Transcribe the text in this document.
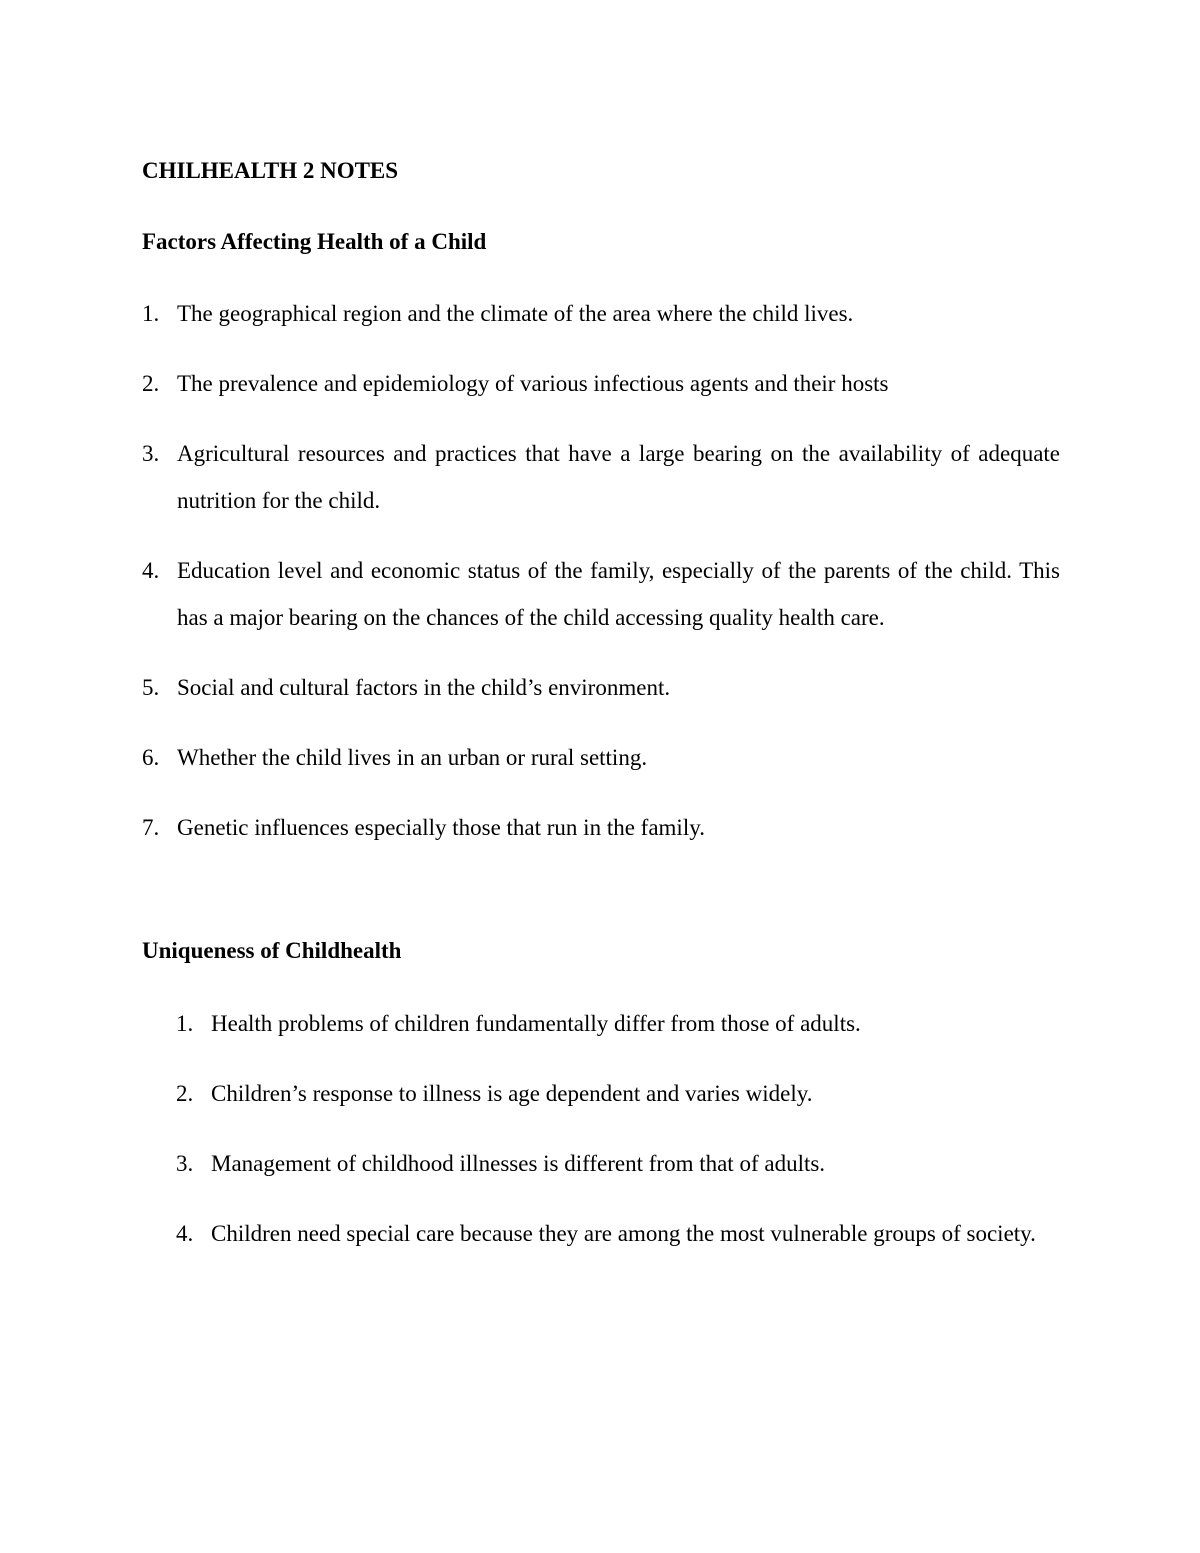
CHILHEALTH 2 NOTES
Factors Affecting Health of a Child
1. The geographical region and the climate of the area where the child lives.
2. The prevalence and epidemiology of various infectious agents and their hosts
3. Agricultural resources and practices that have a large bearing on the availability of adequate nutrition for the child.
4. Education level and economic status of the family, especially of the parents of the child. This has a major bearing on the chances of the child accessing quality health care.
5. Social and cultural factors in the child’s environment.
6. Whether the child lives in an urban or rural setting.
7. Genetic influences especially those that run in the family.
Uniqueness of Childhealth
1. Health problems of children fundamentally differ from those of adults.
2. Children’s response to illness is age dependent and varies widely.
3. Management of childhood illnesses is different from that of adults.
4. Children need special care because they are among the most vulnerable groups of society.
